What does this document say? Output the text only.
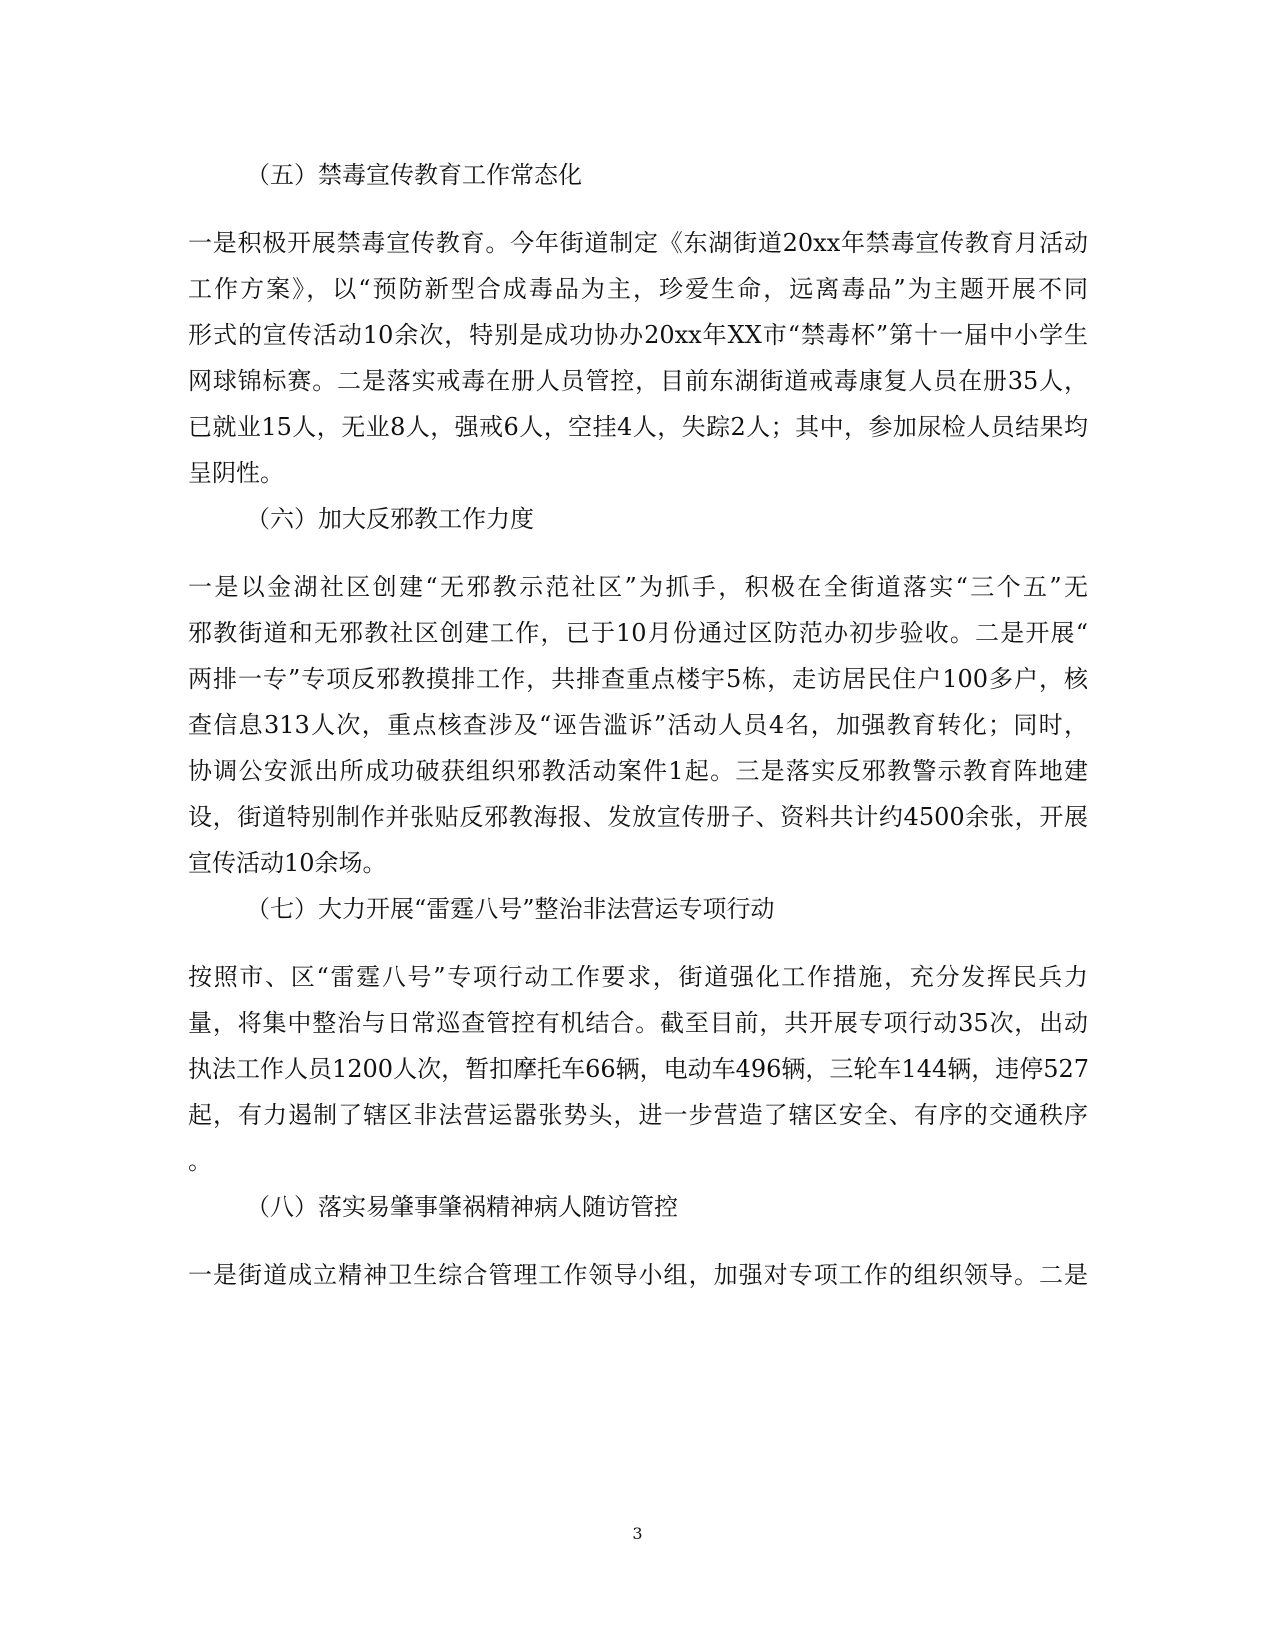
（五）禁毒宣传教育工作常态化
一是积极开展禁毒宣传教育。今年街道制定《东湖街道20xx年禁毒宣传教育月活动
工作方案》，以“预防新型合成毒品为主，珍爱生命，远离毒品”为主题开展不同
形式的宣传活动10余次，特别是成功协办20xx年XX市“禁毒杯”第十一届中小学生
网球锦标赛。二是落实戒毒在册人员管控，目前东湖街道戒毒康复人员在册35人，
已就业15人，无业8人，强戒6人，空挂4人，失踪2人；其中，参加尿检人员结果均
呈阴性。
（六）加大反邪教工作力度
一是以金湖社区创建“无邪教示范社区”为抓手，积极在全街道落实“三个五”无
邪教街道和无邪教社区创建工作，已于10月份通过区防范办初步验收。二是开展“
两排一专”专项反邪教摸排工作，共排查重点楼宇5栋，走访居民住户100多户，核
查信息313人次，重点核查涉及“诬告滥诉”活动人员4名，加强教育转化；同时，
协调公安派出所成功破获组织邪教活动案件1起。三是落实反邪教警示教育阵地建
设，街道特别制作并张贴反邪教海报、发放宣传册子、资料共计约4500余张，开展
宣传活动10余场。
（七）大力开展“雷霆八号”整治非法营运专项行动
按照市、区“雷霆八号”专项行动工作要求，街道强化工作措施，充分发挥民兵力
量，将集中整治与日常巡查管控有机结合。截至目前，共开展专项行动35次，出动
执法工作人员1200人次，暂扣摩托车66辆，电动车496辆，三轮车144辆，违停527
起，有力遏制了辖区非法营运嚣张势头，进一步营造了辖区安全、有序的交通秩序
。
（八）落实易肇事肇祸精神病人随访管控
一是街道成立精神卫生综合管理工作领导小组，加强对专项工作的组织领导。二是
3
